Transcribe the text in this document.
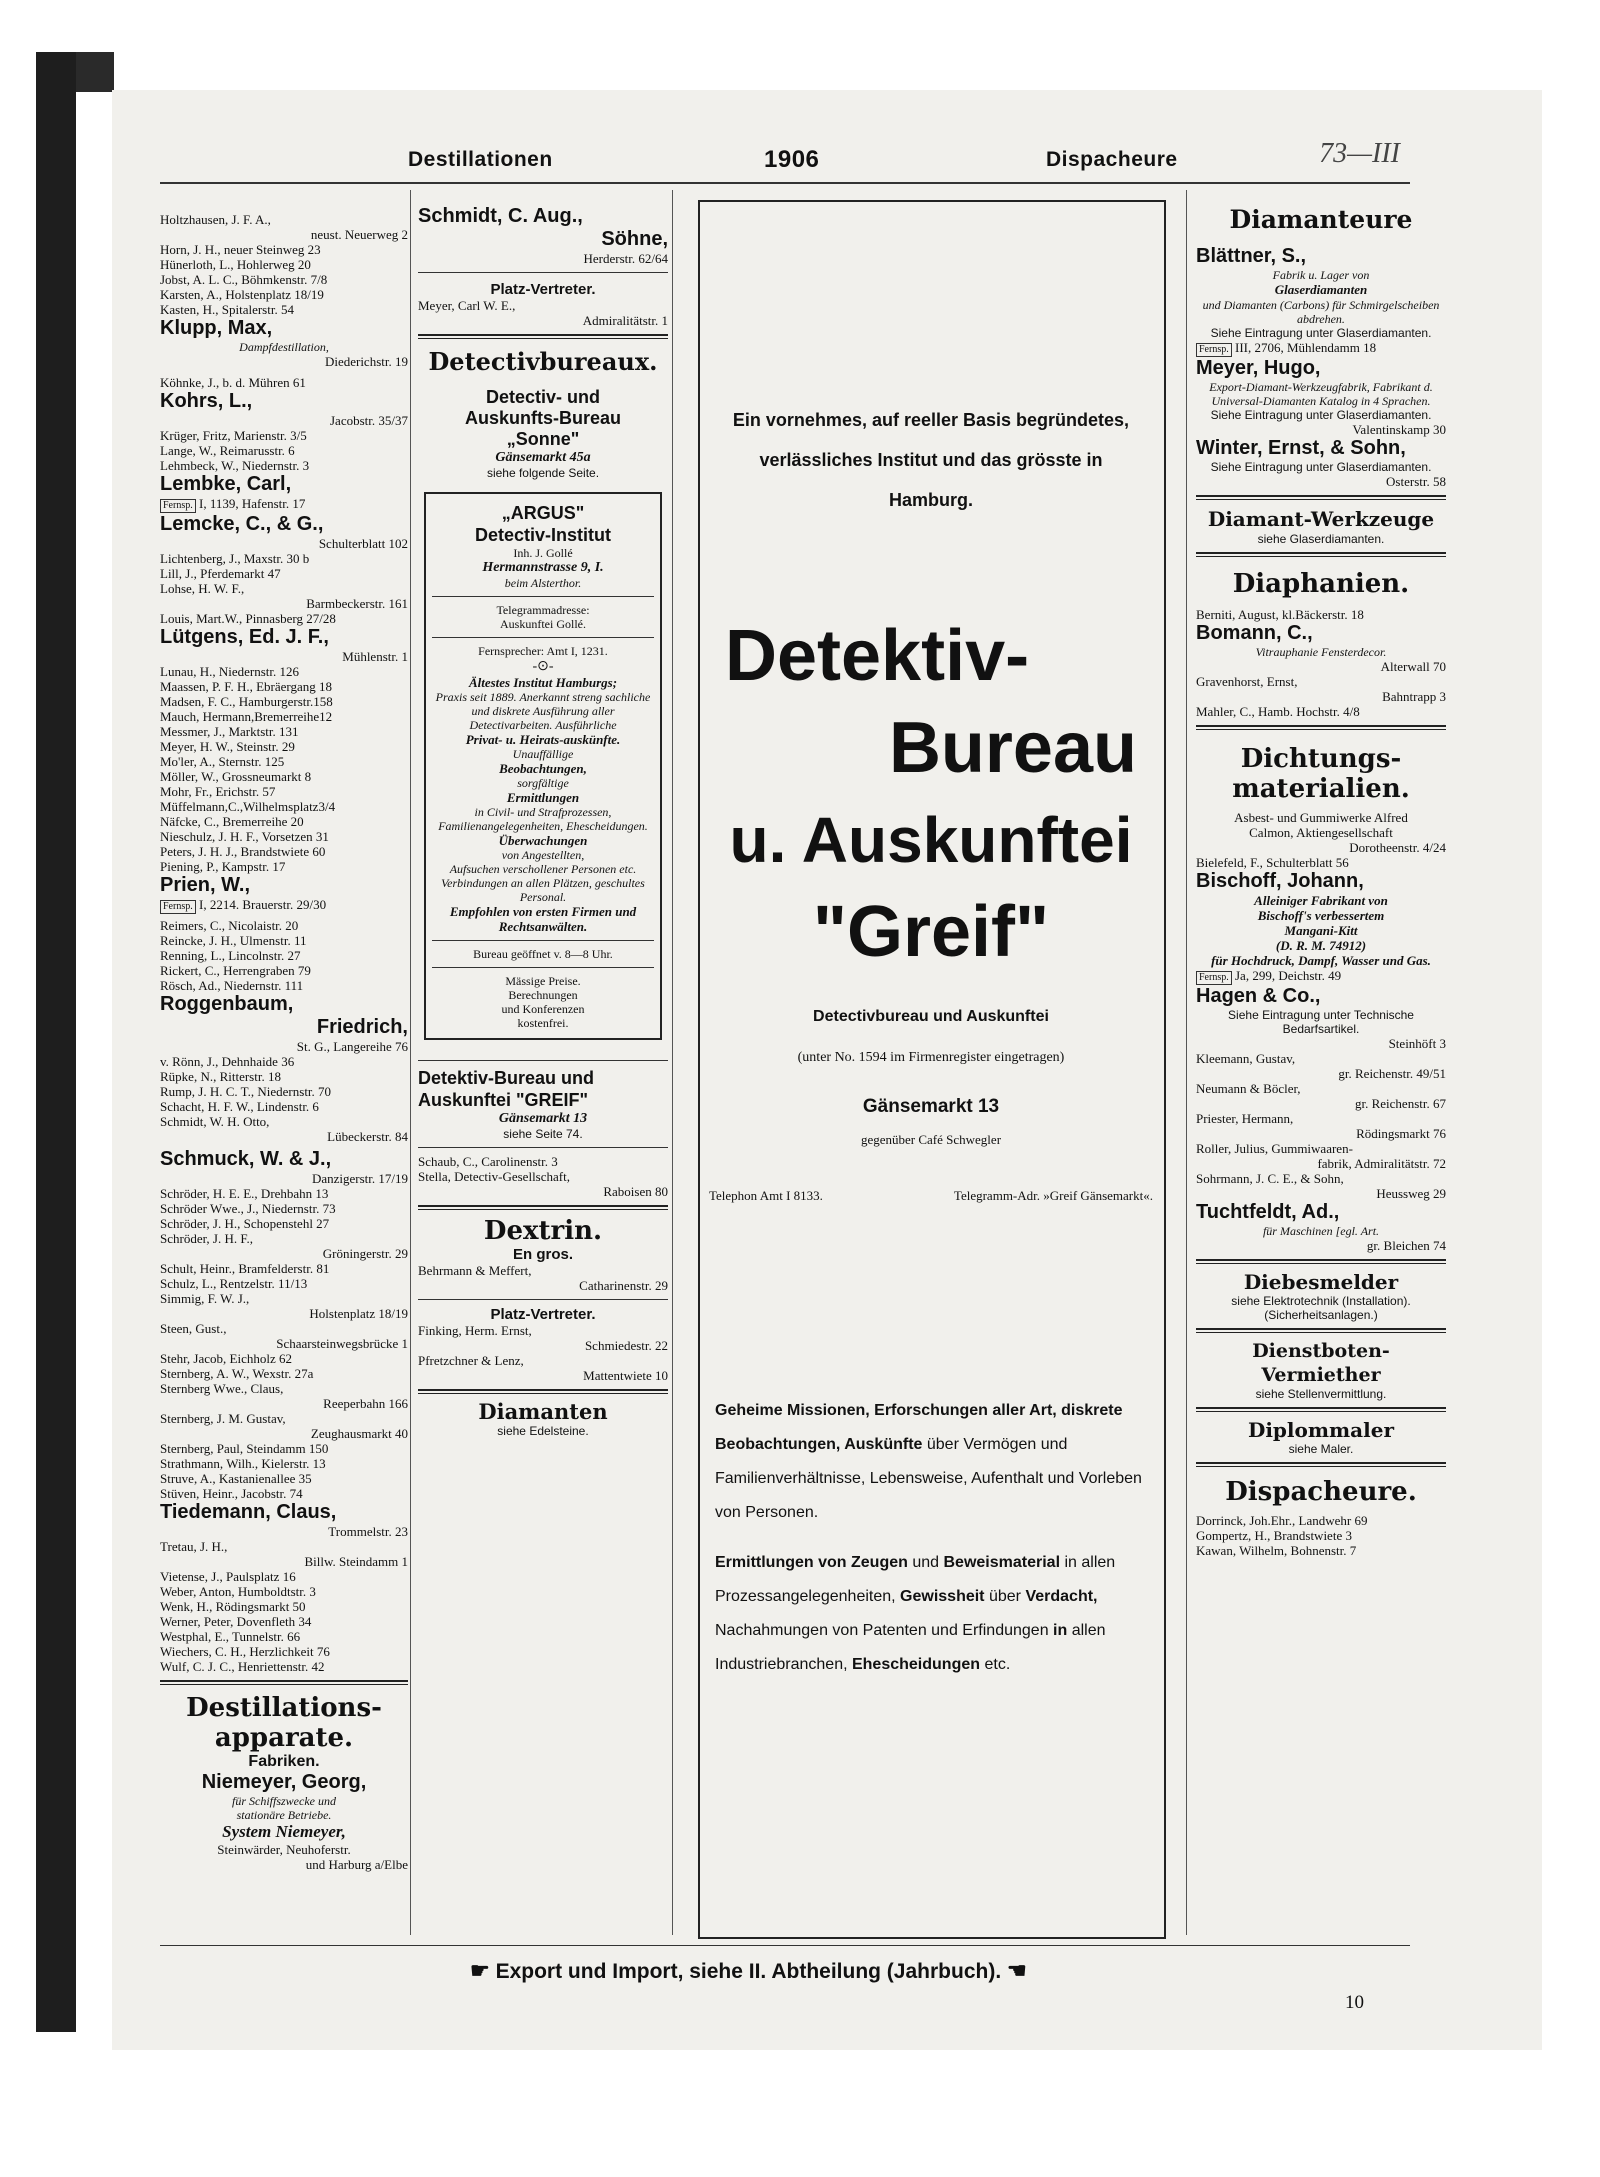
Destillationen	1906	Dispacheure	73—III
Holtzhausen, J. F. A.,
neust. Neuerweg 2
Horn, J. H., neuer Steinweg 23
Hünerloth, L., Hohlerweg 20
Jobst, A. L. C., Böhmkenstr. 7/8
Karsten, A., Holstenplatz 18/19
Kasten, H., Spitalerstr. 54
Klupp, Max,
Dampfdestillation,
Diederichstr. 19
Köhnke, J., b. d. Mühren 61
Kohrs, L.,
Jacobstr. 35/37
Krüger, Fritz, Marienstr. 3/5
Lange, W., Reimarusstr. 6
Lehmbeck, W., Niedernstr. 3
Lembke, Carl,
Fernsp. I, 1139, Hafenstr. 17
Lemcke, C., & G.,
Schulterblatt 102
Lichtenberg, J., Maxstr. 30 b
Lill, J., Pferdemarkt 47
Lohse, H. W. F.,
Barmbeckerstr. 161
Louis, Mart.W., Pinnasberg 27/28
Lütgens, Ed. J. F.,
Mühlenstr. 1
Lunau, H., Niedernstr. 126
Maassen, P. F. H., Ebräergang 18
Madsen, F. C., Hamburgerstr.158
Mauch, Hermann,Bremerreihe12
Messmer, J., Marktstr. 131
Meyer, H. W., Steinstr. 29
Mo'ler, A., Sternstr. 125
Möller, W., Grossneumarkt 8
Mohr, Fr., Erichstr. 57
Müffelmann,C.,Wilhelmsplatz3/4
Näfcke, C., Bremerreihe 20
Nieschulz, J. H. F., Vorsetzen 31
Peters, J. H. J., Brandstwiete 60
Piening, P., Kampstr. 17
Prien, W.,
Fernsp. I, 2214. Brauerstr. 29/30
Reimers, C., Nicolaistr. 20
Reincke, J. H., Ulmenstr. 11
Renning, L., Lincolnstr. 27
Rickert, C., Herrengraben 79
Rösch, Ad., Niedernstr. 111
Roggenbaum,
Friedrich,
St. G., Langereihe 76
v. Rönn, J., Dehnhaide 36
Rüpke, N., Ritterstr. 18
Rump, J. H. C. T., Niedernstr. 70
Schacht, H. F. W., Lindenstr. 6
Schmidt, W. H. Otto,
Lübeckerstr. 84
Schmuck, W. & J.,
Danzigerstr. 17/19
Schröder, H. E. E., Drehbahn 13
Schröder Wwe., J., Niedernstr. 73
Schröder, J. H., Schopenstehl 27
Schröder, J. H. F.,
Gröningerstr. 29
Schult, Heinr., Bramfelderstr. 81
Schulz, L., Rentzelstr. 11/13
Simmig, F. W. J.,
Holstenplatz 18/19
Steen, Gust.,
Schaarsteinwegsbrücke 1
Stehr, Jacob, Eichholz 62
Sternberg, A. W., Wexstr. 27a
Sternberg Wwe., Claus,
Reeperbahn 166
Sternberg, J. M. Gustav,
Zeughausmarkt 40
Sternberg, Paul, Steindamm 150
Strathmann, Wilh., Kielerstr. 13
Struve, A., Kastanienallee 35
Stüven, Heinr., Jacobstr. 74
Tiedemann, Claus,
Trommelstr. 23
Tretau, J. H.,
Billw. Steindamm 1
Vietense, J., Paulsplatz 16
Weber, Anton, Humboldtstr. 3
Wenk, H., Rödingsmarkt 50
Werner, Peter, Dovenfleth 34
Westphal, E., Tunnelstr. 66
Wiechers, C. H., Herzlichkeit 76
Wulf, C. J. C., Henriettenstr. 42
Destillations-
apparate.
Fabriken.
Niemeyer, Georg,
für Schiffszwecke und
stationäre Betriebe.
System Niemeyer,
Steinwärder, Neuhoferstr.
und Harburg a/Elbe
Schmidt, C. Aug.,
Söhne,
Herderstr. 62/64
Platz-Vertreter.
Meyer, Carl W. E.,
Admiralitätstr. 1
Detectivbureaux.
Detectiv- und
Auskunfts-Bureau
„Sonne"
Gänsemarkt 45a
siehe folgende Seite.
„ARGUS"
Detectiv-Institut
Inh. J. Gollé
Hermannstrasse 9, I.
beim Alsterthor.
Telegrammadresse:
Auskunftei Gollé.
Fernsprecher: Amt I, 1231.
-⊙-
Ältestes Institut Hamburgs;
Praxis seit 1889. Anerkannt streng sachliche und diskrete Ausführung aller Detectivarbeiten. Ausführliche
Privat- u. Heirats-auskünfte.
Unauffällige
Beobachtungen,
sorgfältige
Ermittlungen
in Civil- und Strafprozessen, Familienangelegenheiten, Ehescheidungen.
Überwachungen
von Angestellten,
Aufsuchen verschollener Personen etc.
Verbindungen an allen Plätzen, geschultes Personal.
Empfohlen von ersten Firmen und Rechtsanwälten.
Bureau geöffnet v. 8—8 Uhr.
Mässige Preise.
Berechnungen
und Konferenzen
kostenfrei.
Detektiv-Bureau und
Auskunftei "GREIF"
Gänsemarkt 13
siehe Seite 74.
Schaub, C., Carolinenstr. 3
Stella, Detectiv-Gesellschaft,
Raboisen 80
Dextrin.
En gros.
Behrmann & Meffert,
Catharinenstr. 29
Platz-Vertreter.
Finking, Herm. Ernst,
Schmiedestr. 22
Pfretzchner & Lenz,
Mattentwiete 10
Diamanten
siehe Edelsteine.
Ein vornehmes, auf reeller Basis begründetes, verlässliches Institut und das grösste in Hamburg.
Detektiv-
Bureau
u. Auskunftei
"Greif"
Detectivbureau und Auskunftei
(unter No. 1594 im Firmenregister eingetragen)
Gänsemarkt 13
gegenüber Café Schwegler
Telephon Amt I 8133.	Telegramm-Adr. »Greif Gänsemarkt«.
Geheime Missionen, Erforschungen aller Art, diskrete Beobachtungen, Auskünfte über Vermögen und Familienverhältnisse, Lebensweise, Aufenthalt und Vorleben von Personen.
Ermittlungen von Zeugen und Beweismaterial in allen Prozessangelegenheiten, Gewissheit über Verdacht, Nachahmungen von Patenten und Erfindungen in allen Industriebranchen, Ehescheidungen etc.
Diamanteure
Blättner, S.,
Fabrik u. Lager von
Glaserdiamanten
und Diamanten (Carbons) für Schmirgelscheiben abdrehen.
Siehe Eintragung unter Glaserdiamanten.
Fernsp. III, 2706, Mühlendamm 18
Meyer, Hugo,
Export-Diamant-Werkzeugfabrik, Fabrikant d. Universal-Diamanten Katalog in 4 Sprachen.
Siehe Eintragung unter Glaserdiamanten.
Valentinskamp 30
Winter, Ernst, & Sohn,
Siehe Eintragung unter Glaserdiamanten.
Osterstr. 58
Diamant-Werkzeuge
siehe Glaserdiamanten.
Diaphanien.
Berniti, August, kl.Bäckerstr. 18
Bomann, C.,
Vitrauphanie Fensterdecor.
Alterwall 70
Gravenhorst, Ernst,
Bahntrapp 3
Mahler, C., Hamb. Hochstr. 4/8
Dichtungs-
materialien.
Asbest- und Gummiwerke Alfred
Calmon, Aktiengesellschaft
Dorotheenstr. 4/24
Bielefeld, F., Schulterblatt 56
Bischoff, Johann,
Alleiniger Fabrikant von
Bischoff's verbessertem
Mangani-Kitt
(D. R. M. 74912)
für Hochdruck, Dampf, Wasser und Gas.
Fernsp. Ja, 299, Deichstr. 49
Hagen & Co.,
Siehe Eintragung unter Technische Bedarfsartikel.
Steinhöft 3
Kleemann, Gustav,
gr. Reichenstr. 49/51
Neumann & Böcler,
gr. Reichenstr. 67
Priester, Hermann,
Rödingsmarkt 76
Roller, Julius, Gummiwaaren-
fabrik, Admiralitätstr. 72
Sohrmann, J. C. E., & Sohn,
Heussweg 29
Tuchtfeldt, Ad.,
für Maschinen [egl. Art.
gr. Bleichen 74
Diebesmelder
siehe Elektrotechnik (Installation). (Sicherheitsanlagen.)
Dienstboten-Vermiether
siehe Stellenvermittlung.
Diplommaler
siehe Maler.
Dispacheure.
Dorrinck, Joh.Ehr., Landwehr 69
Gompertz, H., Brandstwiete 3
Kawan, Wilhelm, Bohnenstr. 7
☛ Export und Import, siehe II. Abtheilung (Jahrbuch). ☚
10
